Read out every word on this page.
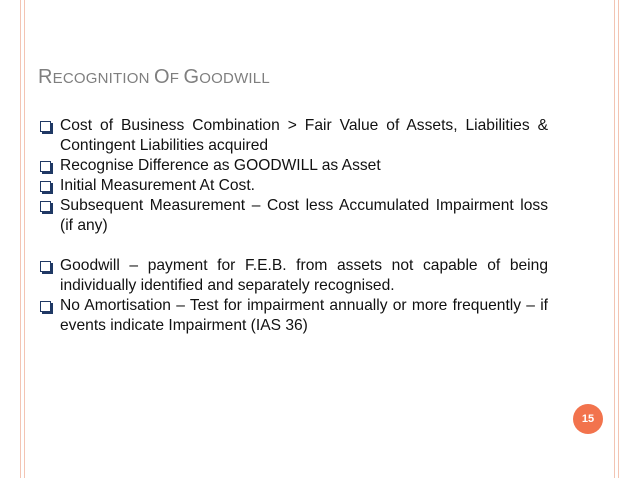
RECOGNITION OF GOODWILL
Cost of Business Combination > Fair Value of Assets, Liabilities & Contingent Liabilities acquired
Recognise Difference as GOODWILL as Asset
Initial Measurement At Cost.
Subsequent Measurement – Cost less Accumulated Impairment loss (if any)
Goodwill – payment for F.E.B. from assets not capable of being individually identified and separately recognised.
No Amortisation – Test for impairment annually or more frequently – if events indicate Impairment (IAS 36)
15
